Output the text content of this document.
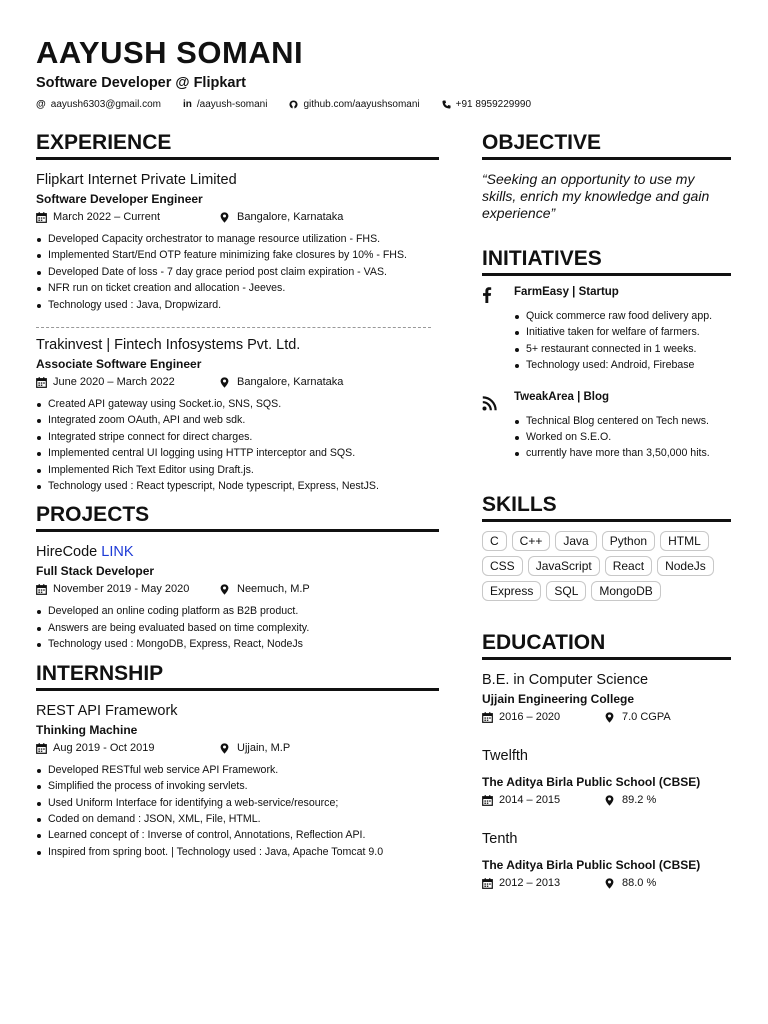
AAYUSH SOMANI
Software Developer @ Flipkart
@ aayush6303@gmail.com in /aayush-somani	github.com/aayushsomani	+91 8959229990
EXPERIENCE
Flipkart Internet Private Limited
Software Developer Engineer
March 2022 – Current	Bangalore, Karnataka
Developed Capacity orchestrator to manage resource utilization - FHS.
Implemented Start/End OTP feature minimizing fake closures by 10% - FHS.
Developed Date of loss - 7 day grace period post claim expiration - VAS.
NFR run on ticket creation and allocation - Jeeves.
Technology used : Java, Dropwizard.
Trakinvest | Fintech Infosystems Pvt. Ltd.
Associate Software Engineer
June 2020 – March 2022	Bangalore, Karnataka
Created API gateway using Socket.io, SNS, SQS.
Integrated zoom OAuth, API and web sdk.
Integrated stripe connect for direct charges.
Implemented central UI logging using HTTP interceptor and SQS.
Implemented Rich Text Editor using Draft.js.
Technology used : React typescript, Node typescript, Express, NestJS.
PROJECTS
HireCode LINK
Full Stack Developer
November 2019 - May 2020	Neemuch, M.P
Developed an online coding platform as B2B product.
Answers are being evaluated based on time complexity.
Technology used : MongoDB, Express, React, NodeJs
INTERNSHIP
REST API Framework
Thinking Machine
Aug 2019 - Oct 2019	Ujjain, M.P
Developed RESTful web service API Framework.
Simplified the process of invoking servlets.
Used Uniform Interface for identifying a web-service/resource;
Coded on demand : JSON, XML, File, HTML.
Learned concept of : Inverse of control, Annotations, Reflection API.
Inspired from spring boot. | Technology used : Java, Apache Tomcat 9.0
OBJECTIVE
“Seeking an opportunity to use my skills, enrich my knowledge and gain experience”
INITIATIVES
FarmEasy | Startup
Quick commerce raw food delivery app.
Initiative taken for welfare of farmers.
5+ restaurant connected in 1 weeks.
Technology used: Android, Firebase
TweakArea | Blog
Technical Blog centered on Tech news.
Worked on S.E.O.
currently have more than 3,50,000 hits.
SKILLS
C	C++	Java	Python	HTML
CSS	JavaScript	React	NodeJs
Express	SQL	MongoDB
EDUCATION
B.E. in Computer Science
Ujjain Engineering College
2016 – 2020	7.0 CGPA
Twelfth
The Aditya Birla Public School (CBSE)
2014 – 2015	89.2 %
Tenth
The Aditya Birla Public School (CBSE)
2012 – 2013	88.0 %
